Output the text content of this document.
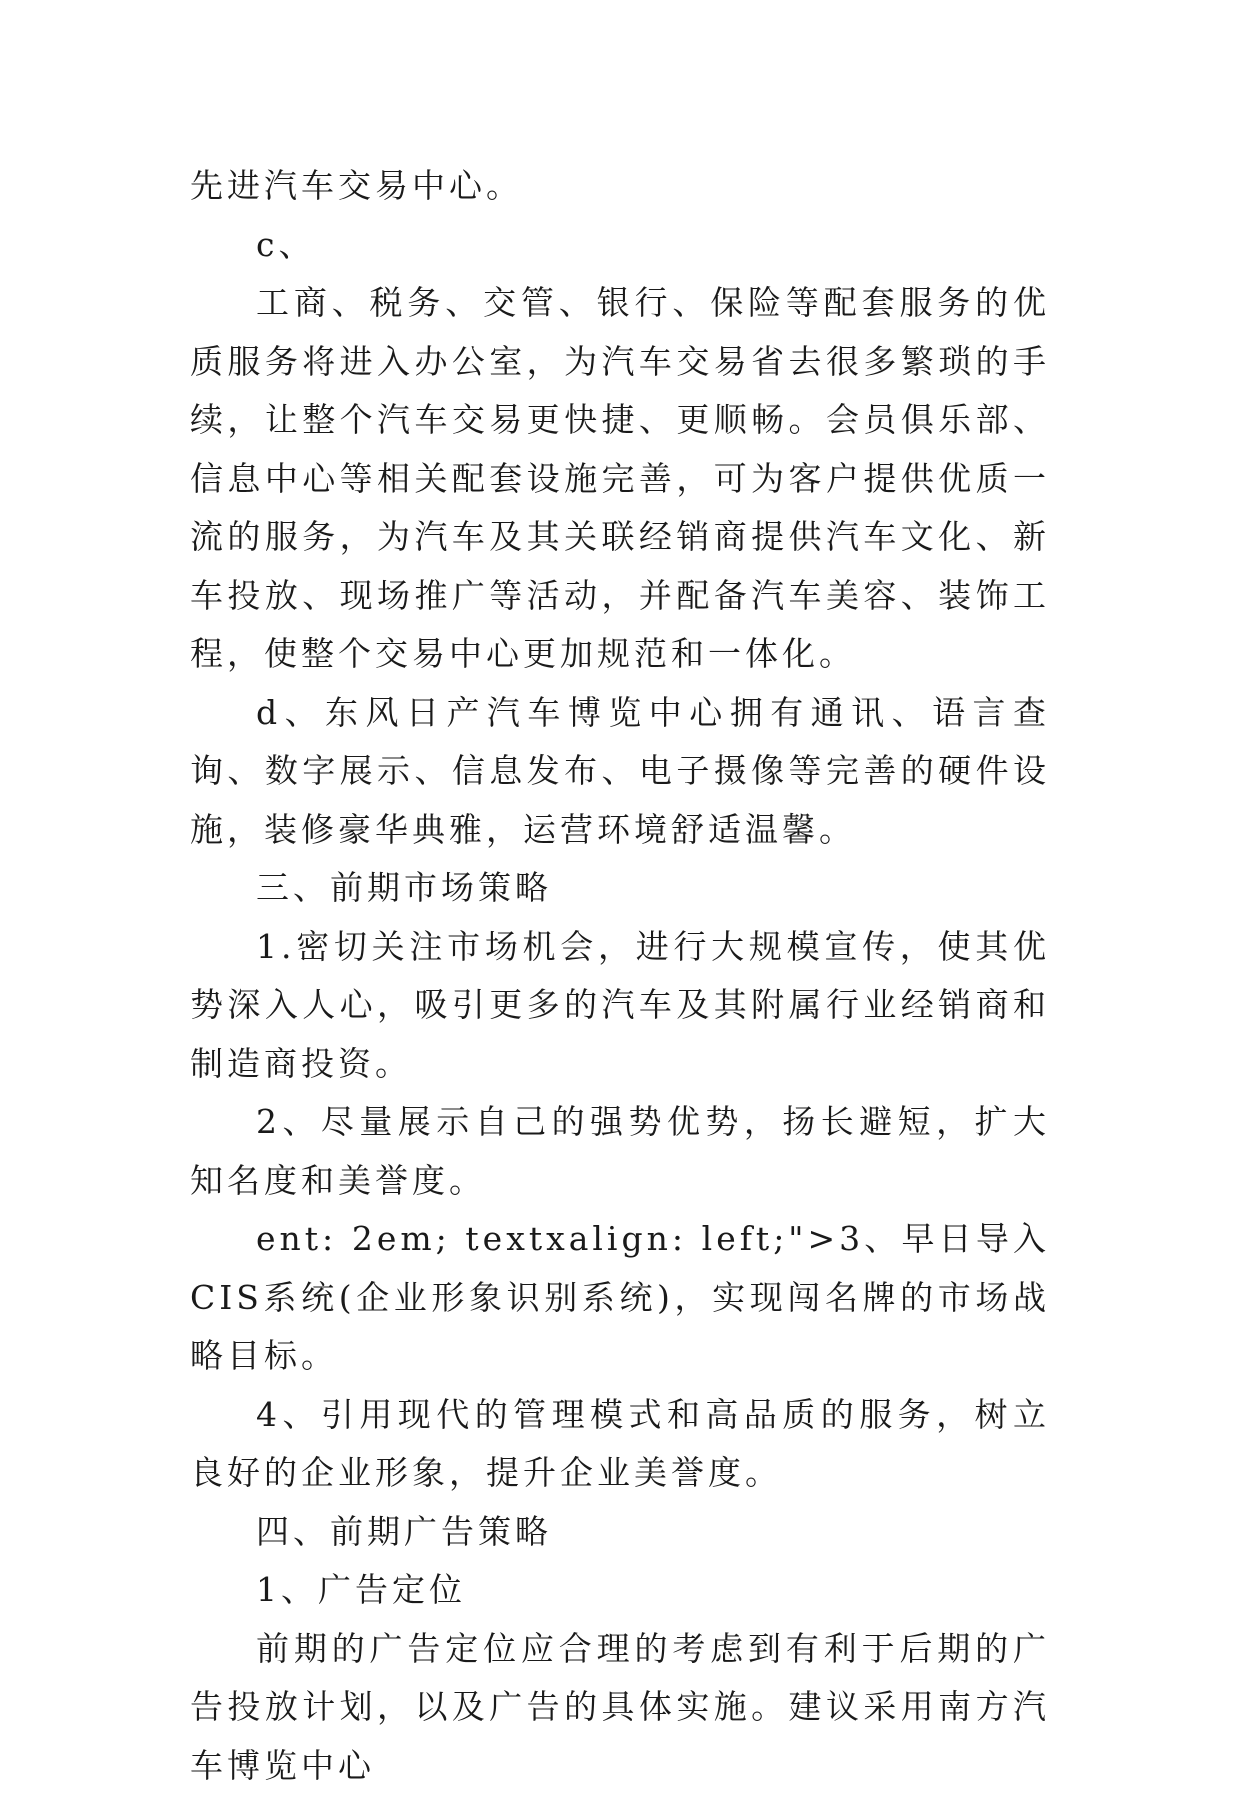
先进汽车交易中心。

c、

工商、税务、交管、银行、保险等配套服务的优质服务将进入办公室，为汽车交易省去很多繁琐的手续，让整个汽车交易更快捷、更顺畅。会员俱乐部、信息中心等相关配套设施完善，可为客户提供优质一流的服务，为汽车及其关联经销商提供汽车文化、新车投放、现场推广等活动，并配备汽车美容、装饰工程，使整个交易中心更加规范和一体化。

d、东风日产汽车博览中心拥有通讯、语言查询、数字展示、信息发布、电子摄像等完善的硬件设施，装修豪华典雅，运营环境舒适温馨。

三、前期市场策略

1.密切关注市场机会，进行大规模宣传，使其优势深入人心，吸引更多的汽车及其附属行业经销商和制造商投资。

2、尽量展示自己的强势优势，扬长避短，扩大知名度和美誉度。

ent: 2em; textxalign: left;">3、早日导入CIS系统(企业形象识别系统)，实现闯名牌的市场战略目标。

4、引用现代的管理模式和高品质的服务，树立良好的企业形象，提升企业美誉度。

四、前期广告策略

1、广告定位

前期的广告定位应合理的考虑到有利于后期的广告投放计划，以及广告的具体实施。建议采用南方汽车博览中心
